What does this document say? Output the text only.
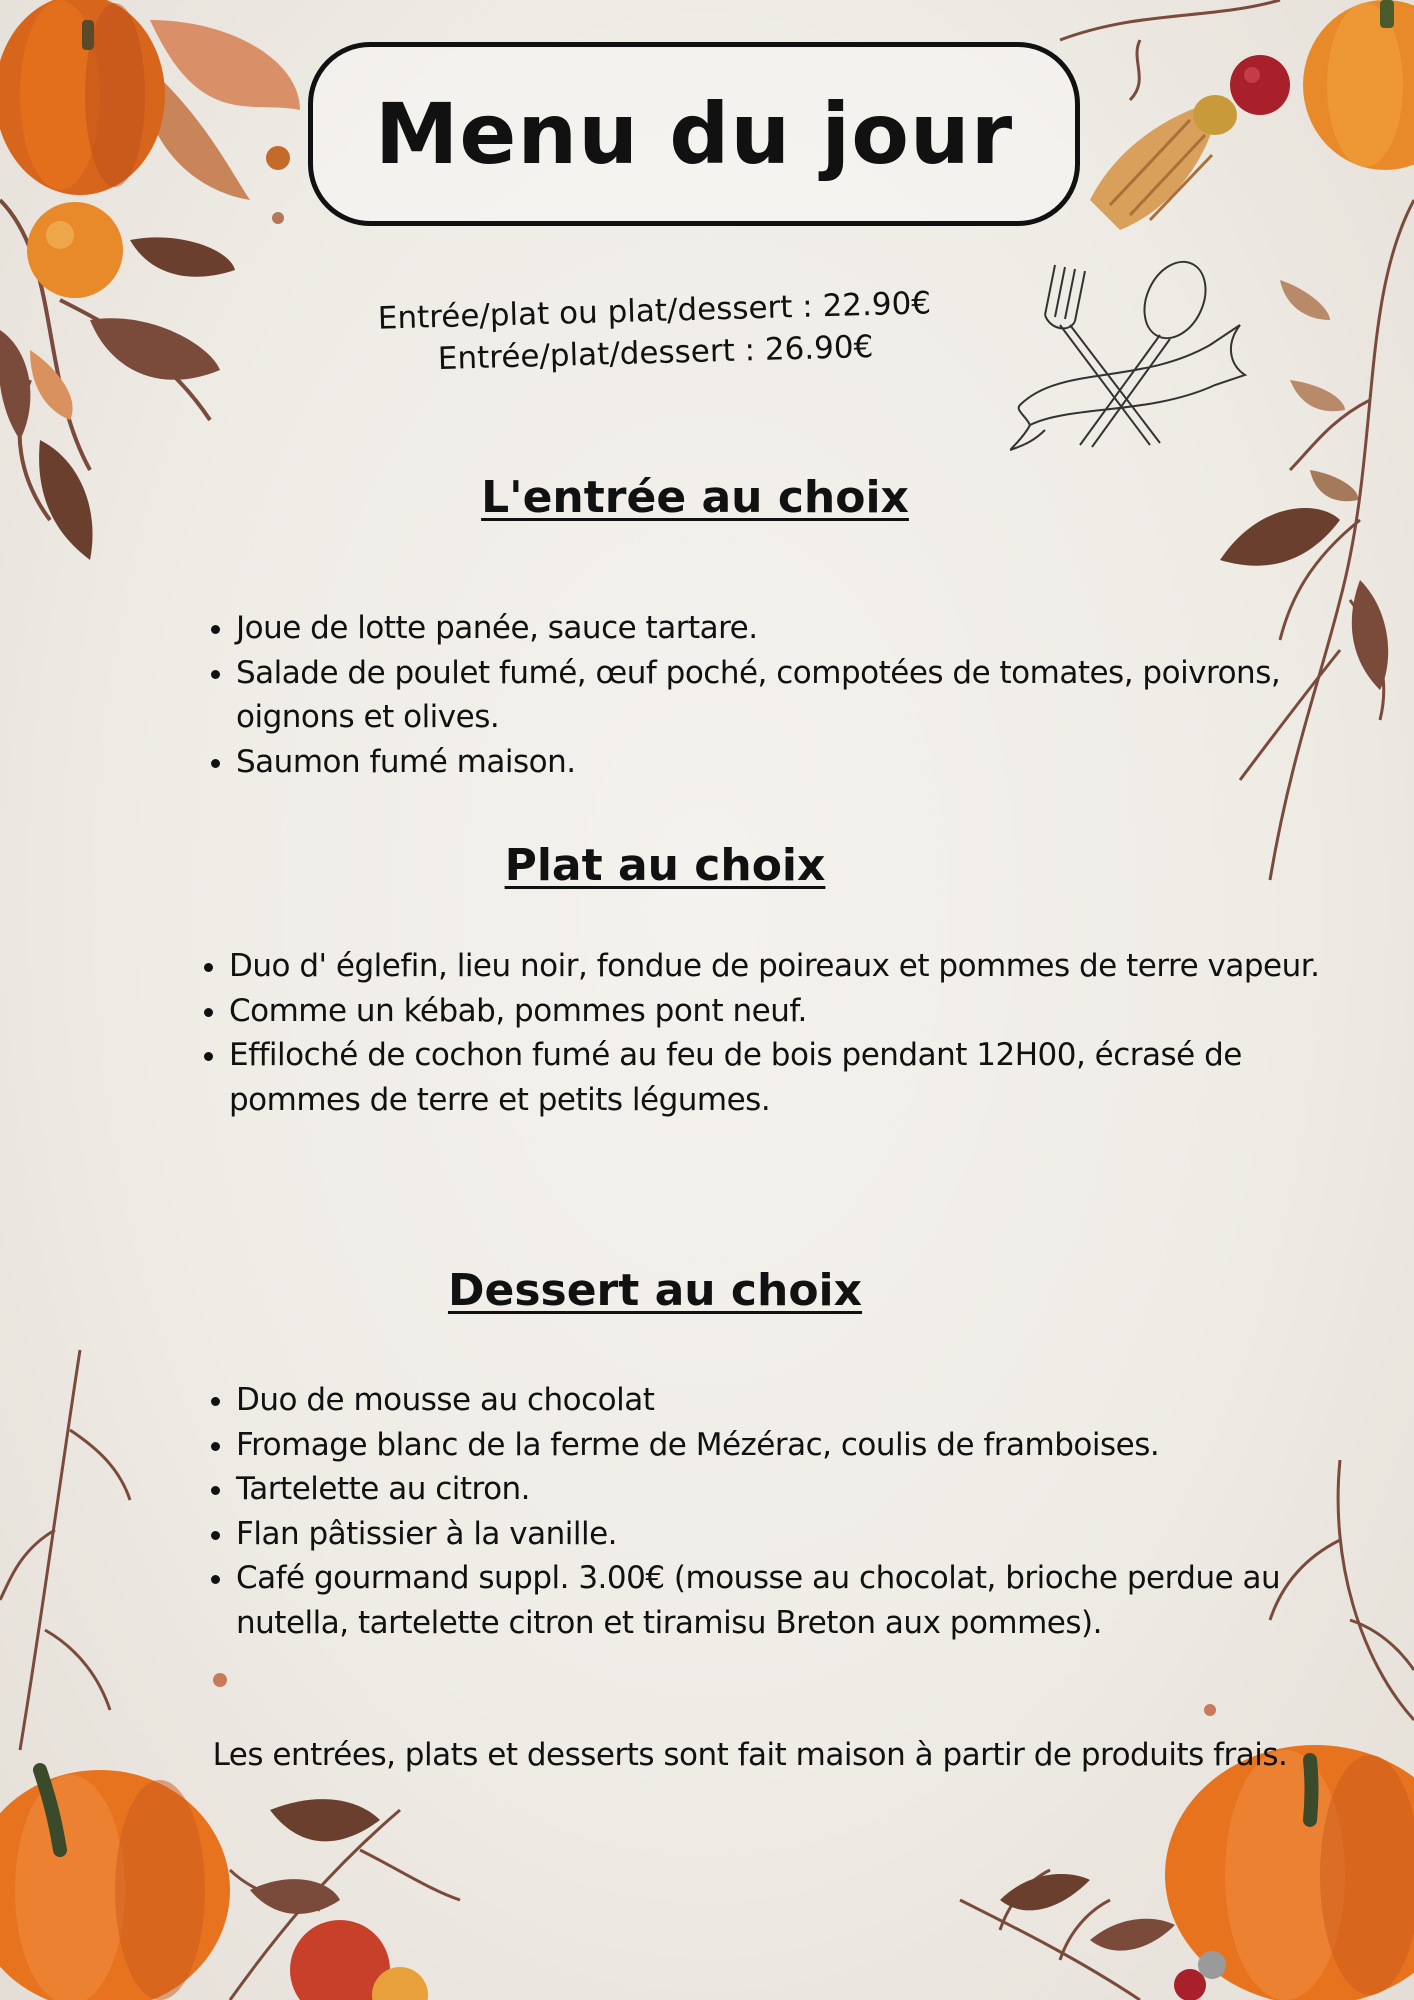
Menu du jour
Entrée/plat ou plat/dessert : 22.90€
Entrée/plat/dessert : 26.90€
L'entrée au choix
• Joue de lotte panée, sauce tartare.
• Salade de poulet fumé, œuf poché, compotées de tomates, poivrons, oignons et olives.
• Saumon fumé maison.
Plat au choix
• Duo d' églefin, lieu noir, fondue de poireaux et pommes de terre vapeur.
• Comme un kébab, pommes pont neuf.
• Effiloché de cochon fumé au feu de bois pendant 12H00, écrasé de pommes de terre et petits légumes.
Dessert au choix
• Duo de mousse au chocolat
• Fromage blanc de la ferme de Mézérac, coulis de framboises.
• Tartelette au citron.
• Flan pâtissier à la vanille.
• Café gourmand suppl. 3.00€ (mousse au chocolat, brioche perdue au nutella, tartelette citron et tiramisu Breton aux pommes).
Les entrées, plats et desserts sont fait maison à partir de produits frais.
